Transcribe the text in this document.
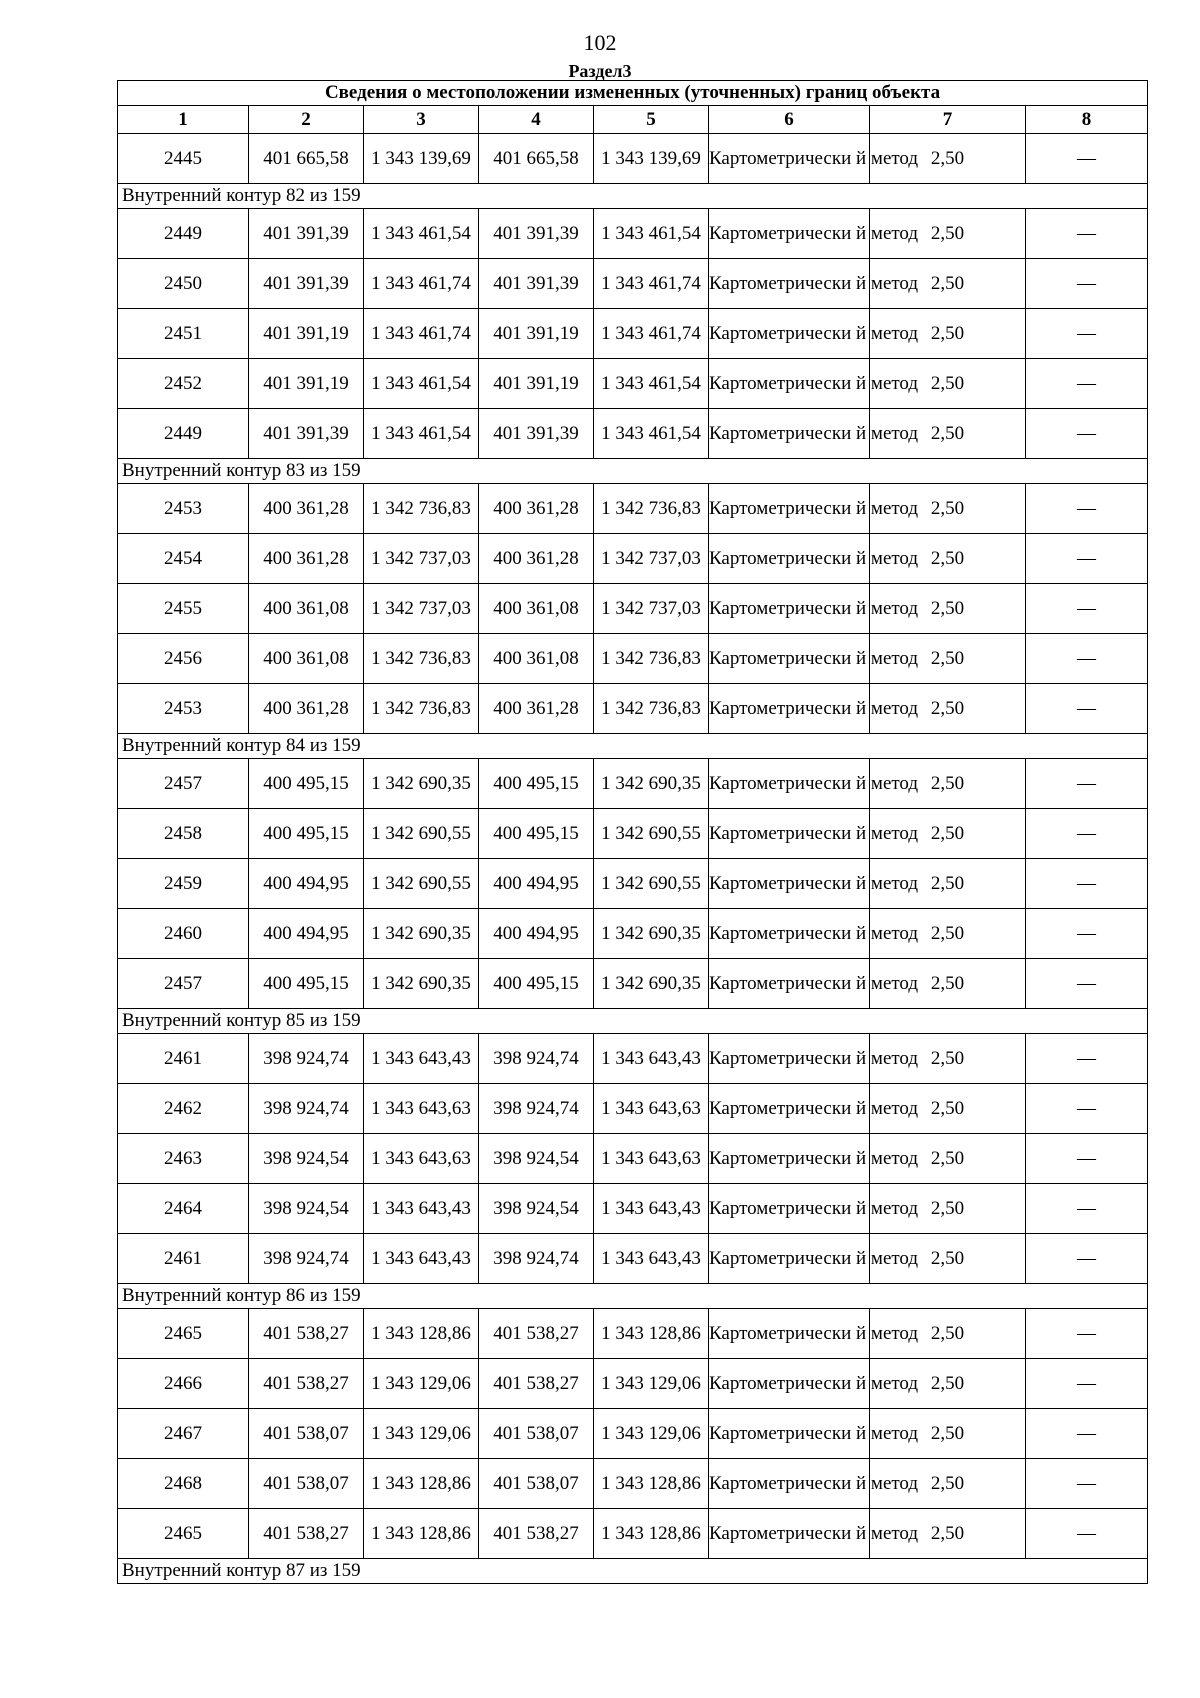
102
Раздел3
Сведения о местоположении измененных (уточненных) границ объекта							
1	2	3	4	5	6	7	8
2445	401 665,58	1 343 139,69	401 665,58	1 343 139,69	Картометрически й метод	2,50	—
Внутренний контур 82 из 159							
2449	401 391,39	1 343 461,54	401 391,39	1 343 461,54	Картометрически й метод	2,50	—
2450	401 391,39	1 343 461,74	401 391,39	1 343 461,74	Картометрически й метод	2,50	—
2451	401 391,19	1 343 461,74	401 391,19	1 343 461,74	Картометрически й метод	2,50	—
2452	401 391,19	1 343 461,54	401 391,19	1 343 461,54	Картометрически й метод	2,50	—
2449	401 391,39	1 343 461,54	401 391,39	1 343 461,54	Картометрически й метод	2,50	—
Внутренний контур 83 из 159							
2453	400 361,28	1 342 736,83	400 361,28	1 342 736,83	Картометрически й метод	2,50	—
2454	400 361,28	1 342 737,03	400 361,28	1 342 737,03	Картометрически й метод	2,50	—
2455	400 361,08	1 342 737,03	400 361,08	1 342 737,03	Картометрически й метод	2,50	—
2456	400 361,08	1 342 736,83	400 361,08	1 342 736,83	Картометрически й метод	2,50	—
2453	400 361,28	1 342 736,83	400 361,28	1 342 736,83	Картометрически й метод	2,50	—
Внутренний контур 84 из 159							
2457	400 495,15	1 342 690,35	400 495,15	1 342 690,35	Картометрически й метод	2,50	—
2458	400 495,15	1 342 690,55	400 495,15	1 342 690,55	Картометрически й метод	2,50	—
2459	400 494,95	1 342 690,55	400 494,95	1 342 690,55	Картометрически й метод	2,50	—
2460	400 494,95	1 342 690,35	400 494,95	1 342 690,35	Картометрически й метод	2,50	—
2457	400 495,15	1 342 690,35	400 495,15	1 342 690,35	Картометрически й метод	2,50	—
Внутренний контур 85 из 159							
2461	398 924,74	1 343 643,43	398 924,74	1 343 643,43	Картометрически й метод	2,50	—
2462	398 924,74	1 343 643,63	398 924,74	1 343 643,63	Картометрически й метод	2,50	—
2463	398 924,54	1 343 643,63	398 924,54	1 343 643,63	Картометрически й метод	2,50	—
2464	398 924,54	1 343 643,43	398 924,54	1 343 643,43	Картометрически й метод	2,50	—
2461	398 924,74	1 343 643,43	398 924,74	1 343 643,43	Картометрически й метод	2,50	—
Внутренний контур 86 из 159							
2465	401 538,27	1 343 128,86	401 538,27	1 343 128,86	Картометрически й метод	2,50	—
2466	401 538,27	1 343 129,06	401 538,27	1 343 129,06	Картометрически й метод	2,50	—
2467	401 538,07	1 343 129,06	401 538,07	1 343 129,06	Картометрически й метод	2,50	—
2468	401 538,07	1 343 128,86	401 538,07	1 343 128,86	Картометрически й метод	2,50	—
2465	401 538,27	1 343 128,86	401 538,27	1 343 128,86	Картометрически й метод	2,50	—
Внутренний контур 87 из 159							
